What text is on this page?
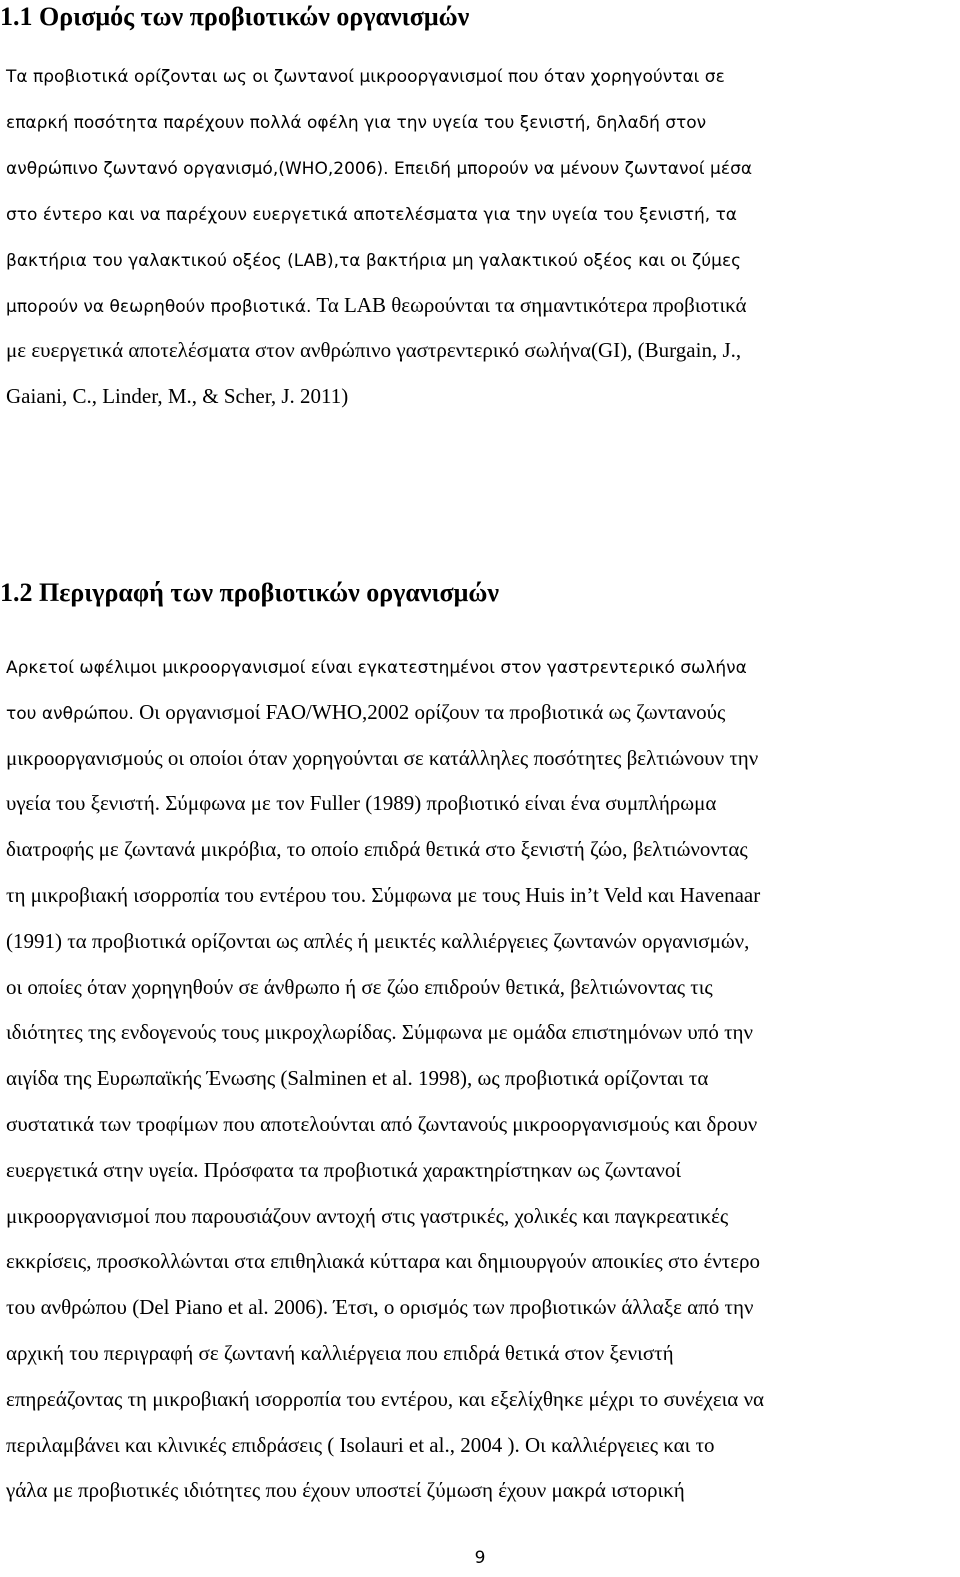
1.1 Ορισμός των προβιοτικών οργανισμών

Τα προβιοτικά ορίζονται ως οι ζωντανοί μικροοργανισμοί που όταν χορηγούνται σε

επαρκή ποσότητα παρέχουν πολλά οφέλη για την υγεία του ξενιστή, δηλαδή στον

ανθρώπινο ζωντανό οργανισμό,(WHO,2006). Επειδή μπορούν να μένουν ζωντανοί μέσα

στο έντερο και να παρέχουν ευεργετικά αποτελέσματα για την υγεία του ξενιστή, τα

βακτήρια του γαλακτικού οξέος (LAB),τα βακτήρια μη γαλακτικού οξέος και οι ζύμες

μπορούν να θεωρηθούν προβιοτικά. Τα LAB θεωρούνται τα σημαντικότερα προβιοτικά

με ευεργετικά αποτελέσματα στον ανθρώπινο γαστρεντερικό σωλήνα(GI), (Burgain, J.,

Gaiani, C., Linder, M., & Scher, J. 2011)

1.2 Περιγραφή των προβιοτικών οργανισμών

Αρκετοί ωφέλιμοι μικροοργανισμοί είναι εγκατεστημένοι στον γαστρεντερικό σωλήνα

του ανθρώπου. Οι οργανισμοί FAO/WHO,2002 ορίζουν τα προβιοτικά ως ζωντανούς

μικροοργανισμούς οι οποίοι όταν χορηγούνται σε κατάλληλες ποσότητες βελτιώνουν την

υγεία του ξενιστή. Σύμφωνα με τον Fuller (1989) προβιοτικό είναι ένα συμπλήρωμα

διατροφής με ζωντανά μικρόβια, το οποίο επιδρά θετικά στο ξενιστή ζώο, βελτιώνοντας

τη μικροβιακή ισορροπία του εντέρου του. Σύμφωνα με τους Huis in’t Veld και Havenaar

(1991) τα προβιοτικά ορίζονται ως απλές ή μεικτές καλλιέργειες ζωντανών οργανισμών,

οι οποίες όταν χορηγηθούν σε άνθρωπο ή σε ζώο επιδρούν θετικά, βελτιώνοντας τις

ιδιότητες της ενδογενούς τους μικροχλωρίδας. Σύμφωνα με ομάδα επιστημόνων υπό την

αιγίδα της Ευρωπαϊκής Ένωσης (Salminen et al. 1998), ως προβιοτικά ορίζονται τα

συστατικά των τροφίμων που αποτελούνται από ζωντανούς μικροοργανισμούς και δρουν

ευεργετικά στην υγεία. Πρόσφατα τα προβιοτικά χαρακτηρίστηκαν ως ζωντανοί

μικροοργανισμοί που παρουσιάζουν αντοχή στις γαστρικές, χολικές και παγκρεατικές

εκκρίσεις, προσκολλώνται στα επιθηλιακά κύτταρα και δημιουργούν αποικίες στο έντερο

του ανθρώπου (Del Piano et al. 2006). Έτσι, ο ορισμός των προβιοτικών άλλαξε από την

αρχική του περιγραφή σε ζωντανή καλλιέργεια που επιδρά θετικά στον ξενιστή

επηρεάζοντας τη μικροβιακή ισορροπία του εντέρου, και εξελίχθηκε μέχρι το συνέχεια να

περιλαμβάνει και κλινικές επιδράσεις ( Isolauri et al., 2004 ). Οι καλλιέργειες και το

γάλα με προβιοτικές ιδιότητες που έχουν υποστεί ζύμωση έχουν μακρά ιστορική

9
